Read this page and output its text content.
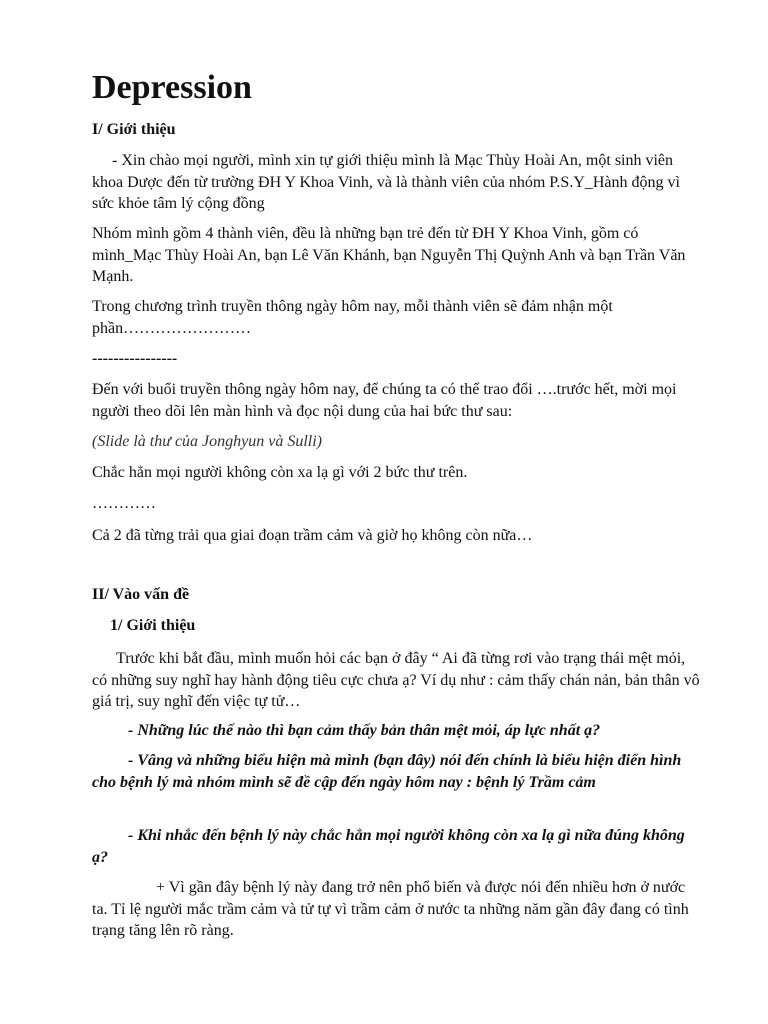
Depression

I/ Giới thiệu

- Xin chào mọi người, mình xin tự giới thiệu mình là Mạc Thùy Hoài An, một sinh viên khoa Dược đến từ trường ĐH Y Khoa Vinh, và là thành viên của nhóm P.S.Y_Hành động vì sức khỏe tâm lý cộng đồng

Nhóm mình gồm 4 thành viên, đều là những bạn trẻ đến từ ĐH Y Khoa Vinh, gồm có mình_Mạc Thùy Hoài An, bạn Lê Văn Khánh, bạn Nguyễn Thị Quỳnh Anh và bạn Trần Văn Mạnh.

Trong chương trình truyền thông ngày hôm nay, mỗi thành viên sẽ đảm nhận một phần……………………

----------------

Đến với buổi truyền thông ngày hôm nay, để chúng ta có thể trao đổi ….trước hết, mời mọi người theo dõi lên màn hình và đọc nội dung của hai bức thư sau:

(Slide là thư của Jonghyun và Sulli)

Chắc hẳn mọi người không còn xa lạ gì với 2 bức thư trên.

…………

Cả 2 đã từng trải qua giai đoạn trầm cảm và giờ họ không còn nữa…

II/ Vào vấn đề

1/ Giới thiệu

Trước khi bắt đầu, mình muốn hỏi các bạn ở đây “ Ai đã từng rơi vào trạng thái mệt mỏi, có những suy nghĩ hay hành động tiêu cực chưa ạ? Ví dụ như : cảm thấy chán nản, bản thân vô giá trị, suy nghĩ đến việc tự tử…

- Những lúc thế nào thì bạn cảm thấy bản thân mệt mỏi, áp lực nhất ạ?

- Vâng và những biểu hiện mà mình (bạn đây) nói đến chính là biểu hiện điển hình cho bệnh lý mà nhóm mình sẽ đề cập đến ngày hôm nay : bệnh lý Trầm cảm

- Khi nhắc đến bệnh lý này chắc hẳn mọi người không còn xa lạ gì nữa đúng không ạ?

+ Vì gần đây bệnh lý này đang trở nên phổ biến và được nói đến nhiều hơn ở nước ta. Tỉ lệ người mắc trầm cảm và tử tự vì trầm cảm ở nước ta những năm gần đây đang có tình trạng tăng lên rõ ràng.
